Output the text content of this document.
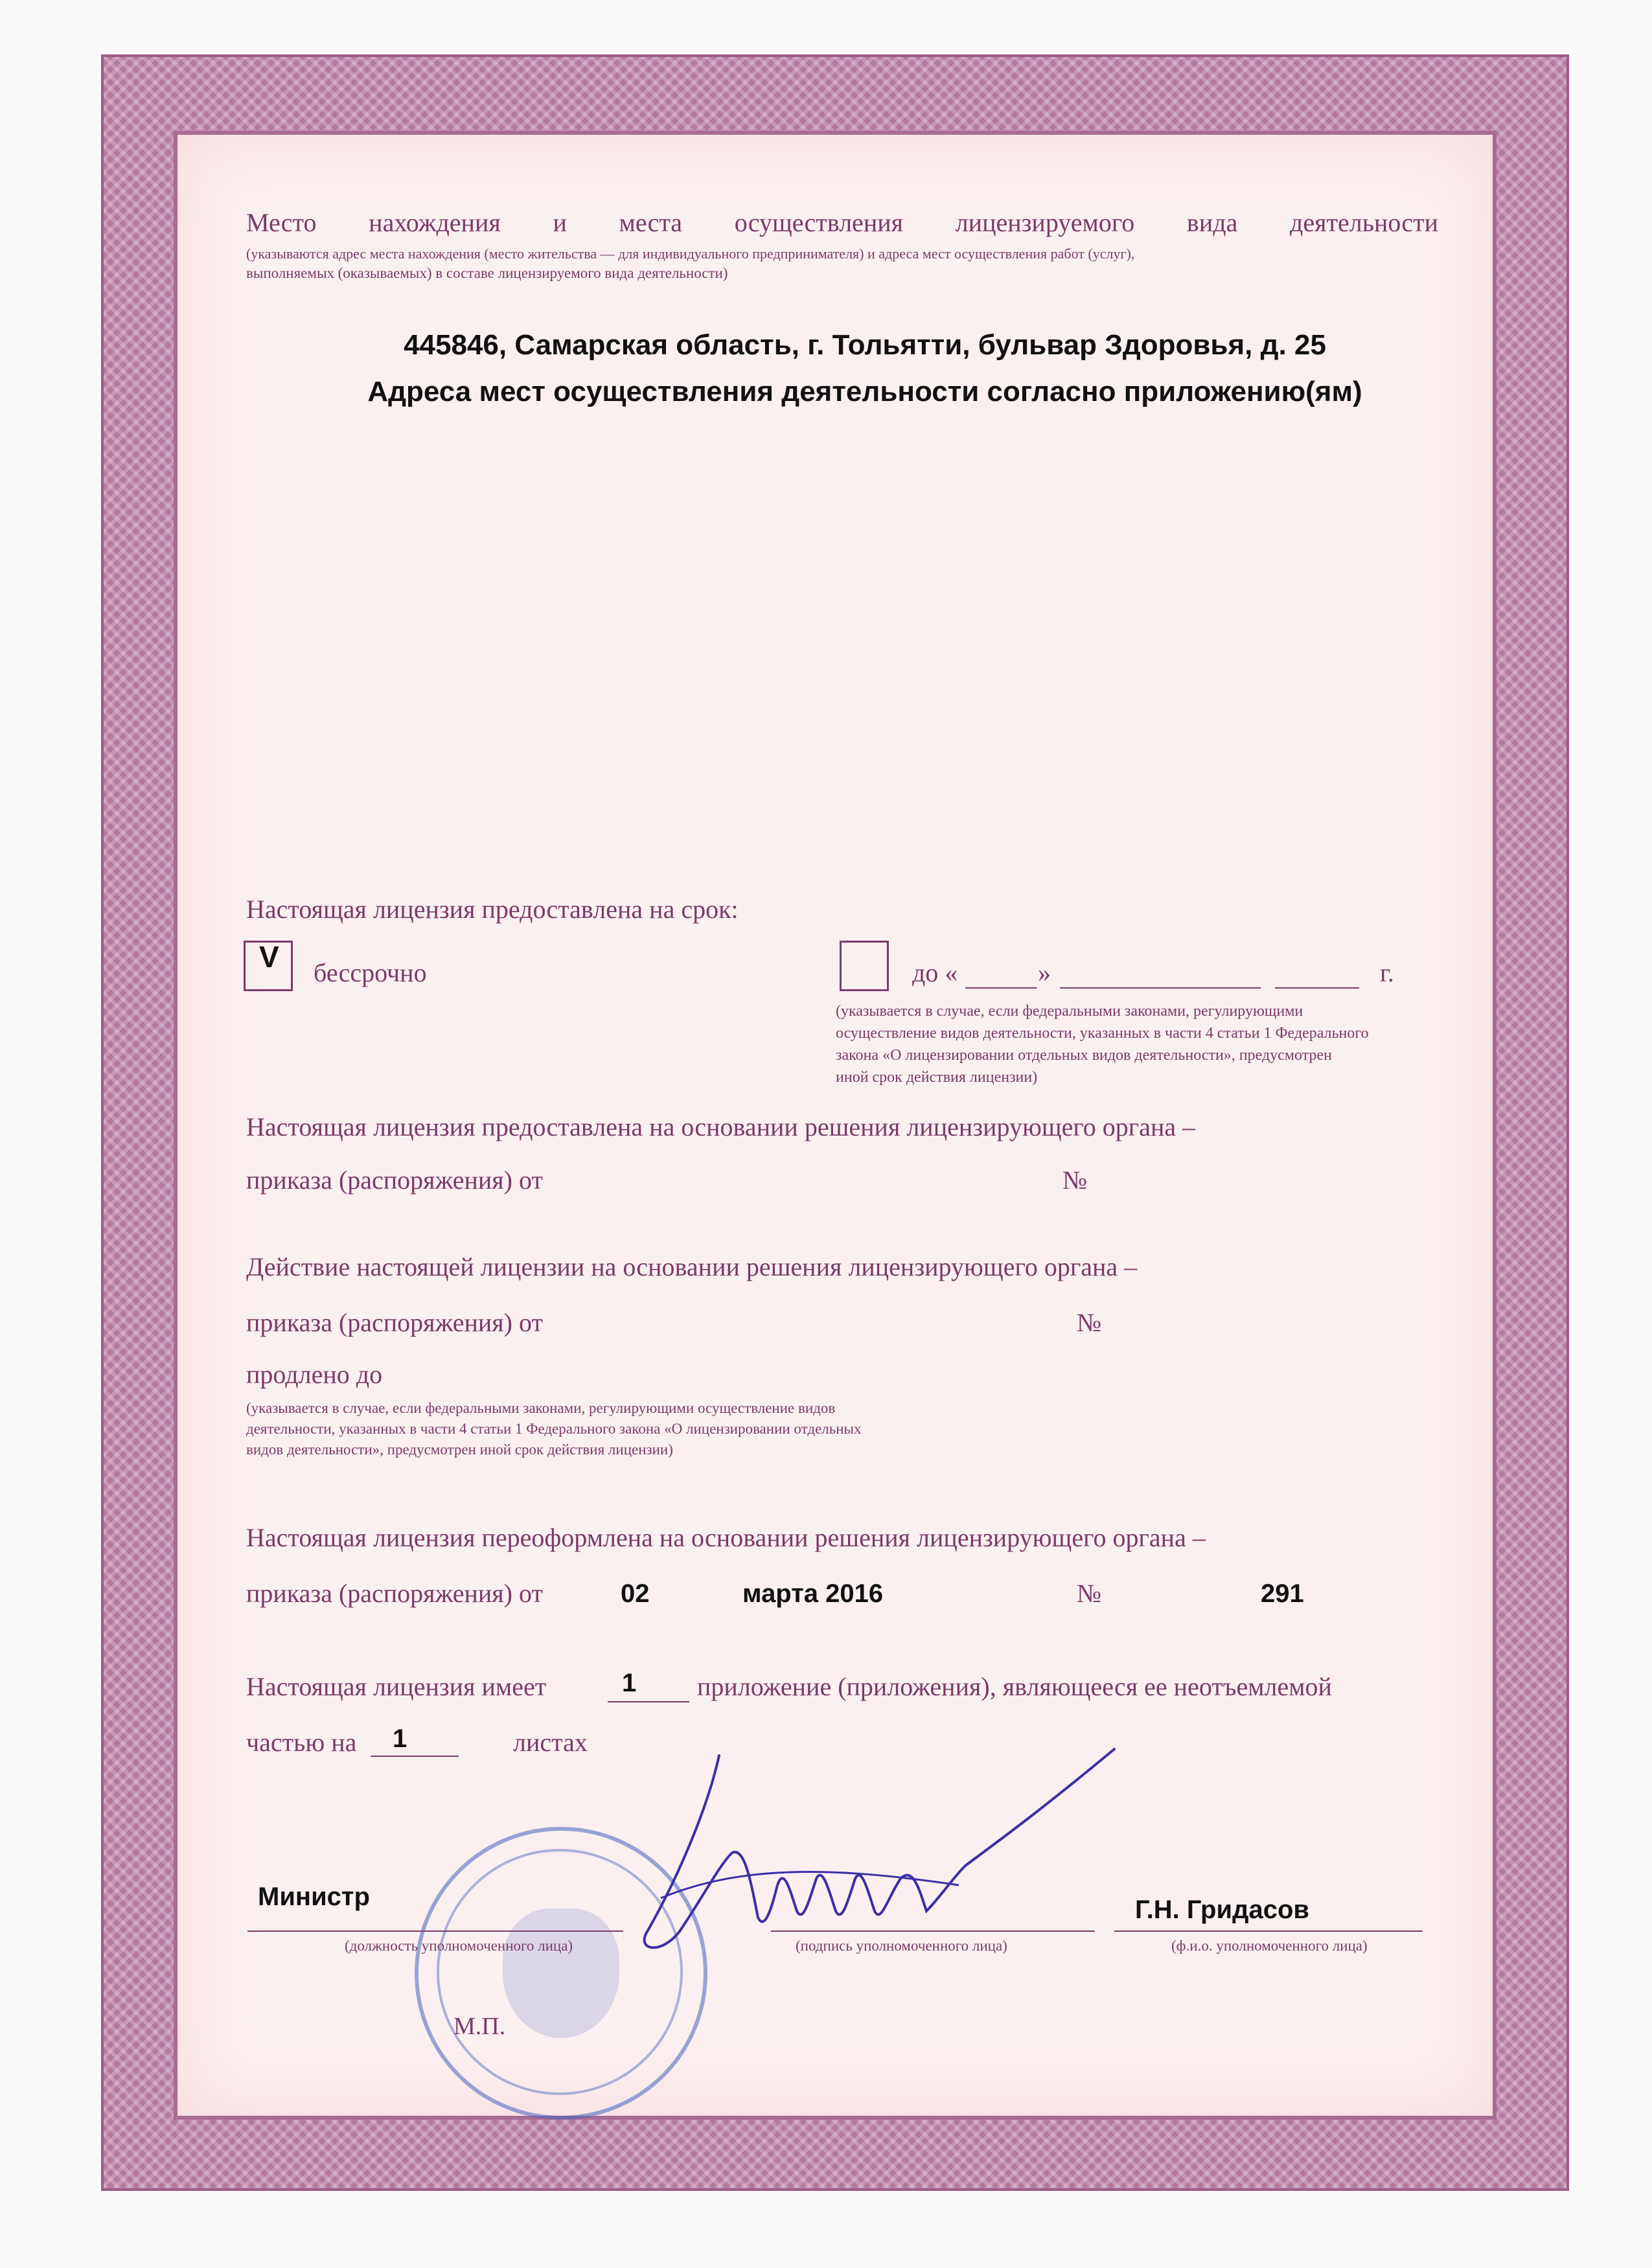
Место нахождения и места осуществления лицензируемого вида деятельности
(указываются адрес места нахождения (место жительства — для индивидуального предпринимателя) и адреса мест осуществления работ (услуг),
выполняемых (оказываемых) в составе лицензируемого вида деятельности)
445846, Самарская область, г. Тольятти, бульвар Здоровья, д. 25
Адреса мест осуществления деятельности согласно приложению(ям)
Настоящая лицензия предоставлена на срок:
V бессрочно	до «	»	г.
(указывается в случае, если федеральными законами, регулирующими
осуществление видов деятельности, указанных в части 4 статьи 1 Федерального
закона «О лицензировании отдельных видов деятельности», предусмотрен
иной срок действия лицензии)
Настоящая лицензия предоставлена на основании решения лицензирующего органа –
приказа (распоряжения) от	№
Действие настоящей лицензии на основании решения лицензирующего органа –
приказа (распоряжения) от	№
продлено до
(указывается в случае, если федеральными законами, регулирующими осуществление видов
деятельности, указанных в части 4 статьи 1 Федерального закона «О лицензировании отдельных
видов деятельности», предусмотрен иной срок действия лицензии)
Настоящая лицензия переоформлена на основании решения лицензирующего органа –
приказа (распоряжения) от	02	марта 2016	№	291
Настоящая лицензия имеет	1 приложение (приложения), являющееся ее неотъемлемой
частью на 1	листах
Министр	Г.Н. Гридасов
(должность уполномоченного лица)	(подпись уполномоченного лица)	(ф.и.о. уполномоченного лица)
М.П.
